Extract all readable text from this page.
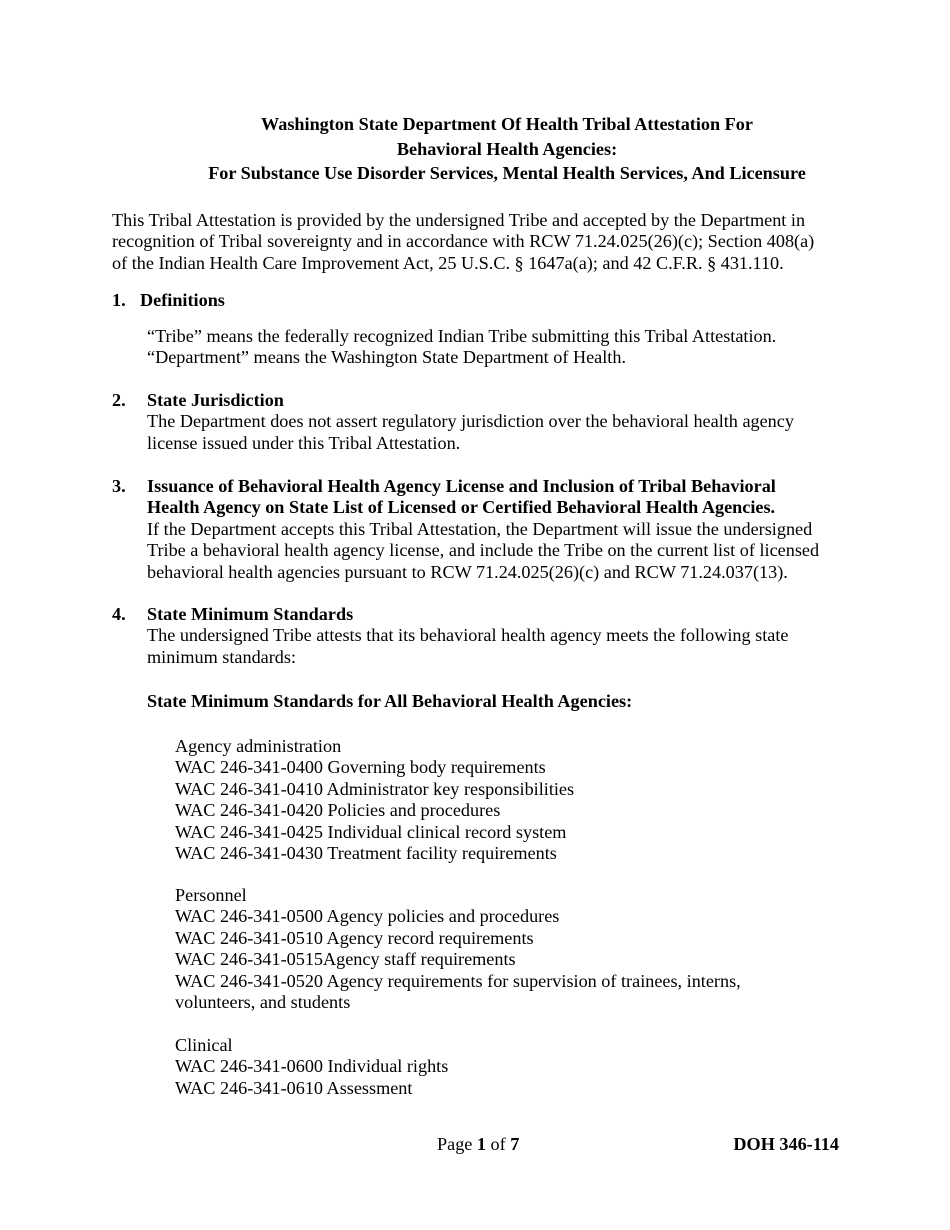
Washington State Department Of Health Tribal Attestation For
Behavioral Health Agencies:
For Substance Use Disorder Services, Mental Health Services, And Licensure
This Tribal Attestation is provided by the undersigned Tribe and accepted by the Department in
recognition of Tribal sovereignty and in accordance with RCW 71.24.025(26)(c); Section 408(a)
of the Indian Health Care Improvement Act, 25 U.S.C. § 1647a(a); and 42 C.F.R. § 431.110.
1. Definitions
“Tribe” means the federally recognized Indian Tribe submitting this Tribal Attestation.
“Department” means the Washington State Department of Health.
2. State Jurisdiction
The Department does not assert regulatory jurisdiction over the behavioral health agency
license issued under this Tribal Attestation.
3. Issuance of Behavioral Health Agency License and Inclusion of Tribal Behavioral
Health Agency on State List of Licensed or Certified Behavioral Health Agencies.
If the Department accepts this Tribal Attestation, the Department will issue the undersigned
Tribe a behavioral health agency license, and include the Tribe on the current list of licensed
behavioral health agencies pursuant to RCW 71.24.025(26)(c) and RCW 71.24.037(13).
4. State Minimum Standards
The undersigned Tribe attests that its behavioral health agency meets the following state
minimum standards:
State Minimum Standards for All Behavioral Health Agencies:
Agency administration
WAC 246-341-0400 Governing body requirements
WAC 246-341-0410 Administrator key responsibilities
WAC 246-341-0420 Policies and procedures
WAC 246-341-0425 Individual clinical record system
WAC 246-341-0430 Treatment facility requirements
Personnel
WAC 246-341-0500 Agency policies and procedures
WAC 246-341-0510 Agency record requirements
WAC 246-341-0515Agency staff requirements
WAC 246-341-0520 Agency requirements for supervision of trainees, interns,
volunteers, and students
Clinical
WAC 246-341-0600 Individual rights
WAC 246-341-0610 Assessment
Page 1 of 7	DOH 346-114
